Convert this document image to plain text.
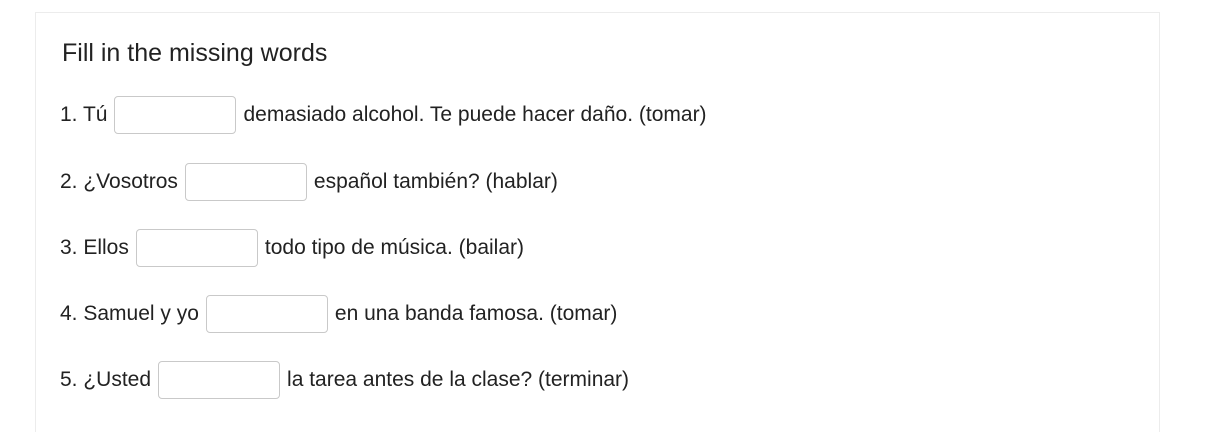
Fill in the missing words
1. Tú	demasiado alcohol. Te puede hacer daño. (tomar)
2. ¿Vosotros	español también? (hablar)
3. Ellos	todo tipo de música. (bailar)
4. Samuel y yo	en una banda famosa. (tomar)
5. ¿Usted	la tarea antes de la clase? (terminar)
